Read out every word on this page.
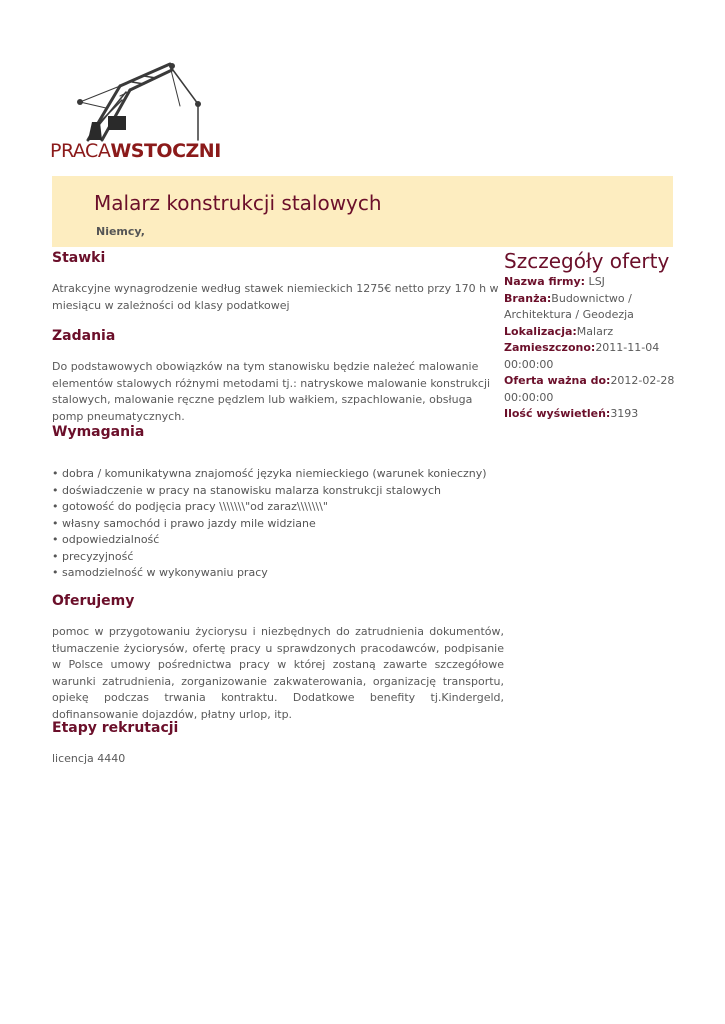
PRACAWSTOCZNI
Malarz konstrukcji stalowych
Niemcy,
Stawki

Atrakcyjne wynagrodzenie według stawek niemieckich 1275€ netto przy 170 h w miesiącu w zależności od klasy podatkowej

Zadania

Do podstawowych obowiązków na tym stanowisku będzie należeć malowanie elementów stalowych różnymi metodami tj.: natryskowe malowanie konstrukcji stalowych, malowanie ręczne pędzlem lub wałkiem, szpachlowanie, obsługa pomp pneumatycznych.

Wymagania
• dobra / komunikatywna znajomość języka niemieckiego (warunek konieczny)
• doświadczenie w pracy na stanowisku malarza konstrukcji stalowych
• gotowość do podjęcia pracy \\\\\\\"od zaraz\\\\\\\"
• własny samochód i prawo jazdy mile widziane
• odpowiedzialność
• precyzyjność
• samodzielność w wykonywaniu pracy
Oferujemy

pomoc w przygotowaniu życiorysu i niezbędnych do zatrudnienia dokumentów, tłumaczenie życiorysów, ofertę pracy u sprawdzonych pracodawców, podpisanie w Polsce umowy pośrednictwa pracy w której zostaną zawarte szczegółowe warunki zatrudnienia, zorganizowanie zakwaterowania, organizację transportu, opiekę podczas trwania kontraktu. Dodatkowe benefity tj.Kindergeld, dofinansowanie dojazdów, płatny urlop, itp.

Etapy rekrutacji

licencja 4440

Szczegóły oferty
Nazwa firmy: LSJ
Branża:Budownictwo / Architektura / Geodezja
Lokalizacja:Malarz
Zamieszczono:2011-11-04 00:00:00
Oferta ważna do:2012-02-28 00:00:00
Ilość wyświetleń:3193
